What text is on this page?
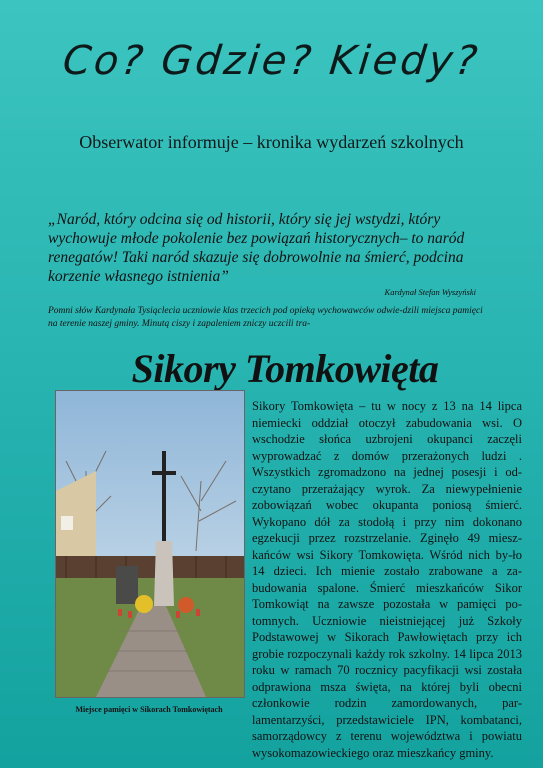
Co? Gdzie? Kiedy?
Obserwator informuje – kronika wydarzeń szkolnych
„Naród, który odcina się od historii, który się jej wstydzi, który wychowuje młode pokolenie bez powiązań historycznych– to naród renegatów! Taki naród skazuje się dobrowolnie na śmierć, podcina korzenie własnego istnienia”
Kardynał Stefan Wyszyński
Pomni słów Kardynała Tysiąclecia uczniowie klas trzecich pod opieką wychowawców odwie-dzili miejsca pamięci na terenie naszej gminy. Minutą ciszy i zapaleniem zniczy uczcili tra-
Sikory Tomkowięta
Miejsce pamięci w Sikorach Tomkowiętach
Sikory Tomkowięta – tu w nocy z 13 na 14 lipca niemiecki oddział otoczył zabudowania wsi. O wschodzie słońca uzbrojeni okupanci zaczęli wyprowadzać z domów przerażonych ludzi . Wszystkich zgromadzono na jednej posesji i od-czytano przerażający wyrok. Za niewypełnienie zobowiązań wobec okupanta poniosą śmierć. Wykopano dół za stodołą i przy nim dokonano egzekucji przez rozstrzelanie. Zginęło 49 miesz-kańców wsi Sikory Tomkowięta. Wśród nich by-ło 14 dzieci. Ich mienie zostało zrabowane a za-budowania spalone. Śmierć mieszkańców Sikor Tomkowiąt na zawsze pozostała w pamięci po-tomnych. Uczniowie nieistniejącej już Szkoły Podstawowej w Sikorach Pawłowiętach przy ich grobie rozpoczynali każdy rok szkolny. 14 lipca 2013 roku w ramach 70 rocznicy pacyfikacji wsi została odprawiona msza święta, na której byli obecni członkowie rodzin zamordowanych, par-lamentarzyści, przedstawiciele IPN, kombatanci, samorządowcy z terenu województwa i powiatu wysokomazowieckiego oraz mieszkańcy gminy.
